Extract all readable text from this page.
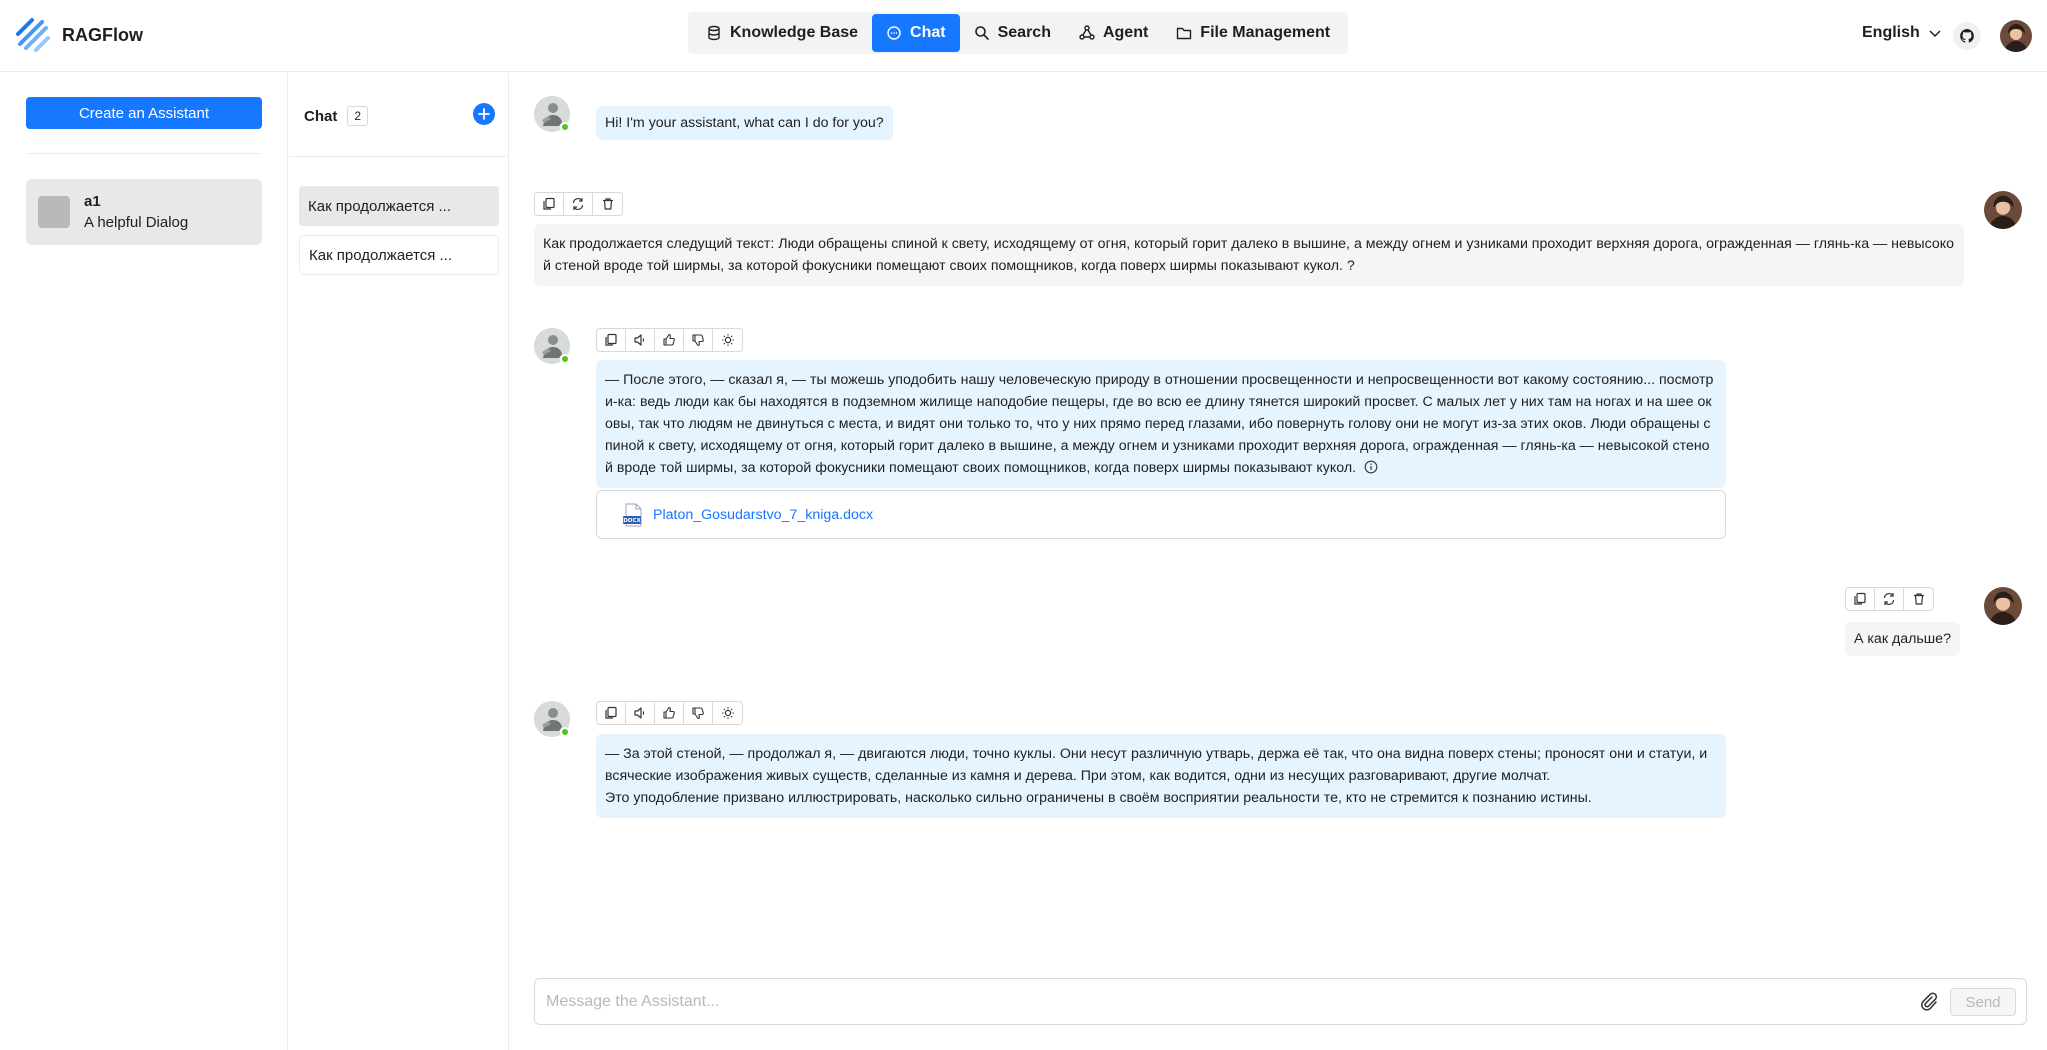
RAGFlow	Knowledge Base	Chat	Search	Agent	File Management	English
Create an Assistant
a1
A helpful Dialog
Chat	2
Как продолжается ...
Как продолжается ...
Hi! I'm your assistant, what can I do for you?
Как продолжается следущий текст: Люди обращены спиной к свету, исходящему от огня, который горит далеко в вышине, а между огнем и узниками проходит верхняя дорога, огражденная — глянь-ка — невысокой стеной вроде той ширмы, за которой фокусники помещают своих помощников, когда поверх ширмы показывают кукол. ?
— После этого, — сказал я, — ты можешь уподобить нашу человеческую природу в отношении просвещенности и непросвещенности вот какому состоянию... посмотри-ка: ведь люди как бы находятся в подземном жилище наподобие пещеры, где во всю ее длину тянется широкий просвет. С малых лет у них там на ногах и на шее оковы, так что людям не двинуться с места, и видят они только то, что у них прямо перед глазами, ибо повернуть голову они не могут из-за этих оков. Люди обращены спиной к свету, исходящему от огня, который горит далеко в вышине, а между огнем и узниками проходит верхняя дорога, огражденная — глянь-ка — невысокой стеной вроде той ширмы, за которой фокусники помещают своих помощников, когда поверх ширмы показывают кукол.
DOCX Platon_Gosudarstvo_7_kniga.docx
А как дальше?
— За этой стеной, — продолжал я, — двигаются люди, точно куклы. Они несут различную утварь, держа её так, что она видна поверх стены; проносят они и статуи, и всяческие изображения живых существ, сделанные из камня и дерева. При этом, как водится, одни из несущих разговаривают, другие молчат.
Это уподобление призвано иллюстрировать, насколько сильно ограничены в своём восприятии реальности те, кто не стремится к познанию истины.
Message the Assistant...
Send
